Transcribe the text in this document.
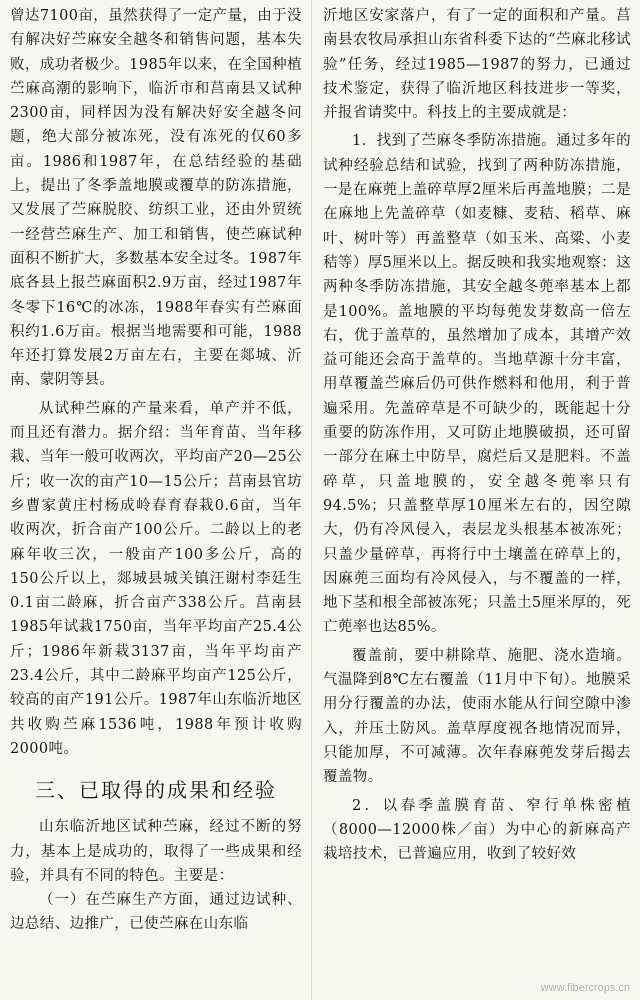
曾达7100亩，虽然获得了一定产量，由于没有解决好苎麻安全越冬和销售问题，基本失败，成功者极少。1985年以来，在全国种植苎麻高潮的影响下，临沂市和莒南县又试种2300亩，同样因为没有解决好安全越冬问题，绝大部分被冻死，没有冻死的仅60多亩。1986和1987年，在总结经验的基础上，提出了冬季盖地膜或覆草的防冻措施，又发展了苎麻脱胶、纺织工业，还由外贸统一经营苎麻生产、加工和销售，使苎麻试种面积不断扩大，多数基本安全过冬。1987年底各县上报苎麻面积2.9万亩，经过1987年冬零下16℃的冰冻，1988年春实有苎麻面积约1.6万亩。根据当地需要和可能，1988年还打算发展2万亩左右，主要在郯城、沂南、蒙阴等县。

从试种苎麻的产量来看，单产并不低，而且还有潜力。据介绍：当年育苗、当年移栽、当年一般可收两次，平均亩产20—25公斤；收一次的亩产10—15公斤；莒南县官坊乡曹家黄庄村杨成岭春育春栽0.6亩，当年收两次，折合亩产100公斤。二龄以上的老麻年收三次，一般亩产100多公斤，高的150公斤以上，郯城县城关镇汪谢村李廷生0.1亩二龄麻，折合亩产338公斤。莒南县1985年试栽1750亩，当年平均亩产25.4公斤；1986年新栽3137亩，当年平均亩产23.4公斤，其中二龄麻平均亩产125公斤，较高的亩产191公斤。1987年山东临沂地区共收购苎麻1536吨，1988年预计收购2000吨。

三、已取得的成果和经验

山东临沂地区试种苎麻，经过不断的努力，基本上是成功的，取得了一些成果和经验，并具有不同的特色。主要是：

（一）在苎麻生产方面，通过边试种、边总结、边推广，已使苎麻在山东临

沂地区安家落户，有了一定的面积和产量。莒南县农牧局承担山东省科委下达的“苎麻北移试验”任务，经过1985—1987的努力，已通过技术鉴定，获得了临沂地区科技进步一等奖，并报省请奖中。科技上的主要成就是：

1．找到了苎麻冬季防冻措施。通过多年的试种经验总结和试验，找到了两种防冻措施，一是在麻蔸上盖碎草厚2厘米后再盖地膜；二是在麻地上先盖碎草（如麦糠、麦秸、稻草、麻叶、树叶等）再盖整草（如玉米、高粱、小麦秸等）厚5厘米以上。据反映和我实地观察：这两种冬季防冻措施，其安全越冬蔸率基本上都是100%。盖地膜的平均每蔸发芽数高一倍左右，优于盖草的，虽然增加了成本，其增产效益可能还会高于盖草的。当地草源十分丰富，用草覆盖苎麻后仍可供作燃料和他用，利于普遍采用。先盖碎草是不可缺少的，既能起十分重要的防冻作用，又可防止地膜破损，还可留一部分在麻土中防旱，腐烂后又是肥料。不盖碎草，只盖地膜的，安全越冬蔸率只有94.5%；只盖整草厚10厘米左右的，因空隙大，仍有冷风侵入，表层龙头根基本被冻死；只盖少量碎草，再将行中土壤盖在碎草上的，因麻蔸三面均有冷风侵入，与不覆盖的一样，地下茎和根全部被冻死；只盖土5厘米厚的，死亡蔸率也达85%。

覆盖前，要中耕除草、施肥、浇水造墒。气温降到8℃左右覆盖（11月中下旬）。地膜采用分行覆盖的办法，使雨水能从行间空隙中渗入，并压土防风。盖草厚度视各地情况而异，只能加厚，不可减薄。次年春麻蔸发芽后揭去覆盖物。

2．以春季盖膜育苗、窄行单株密植（8000—12000株／亩）为中心的新麻高产栽培技术，已普遍应用，收到了较好效

www.fibercrops.cn
